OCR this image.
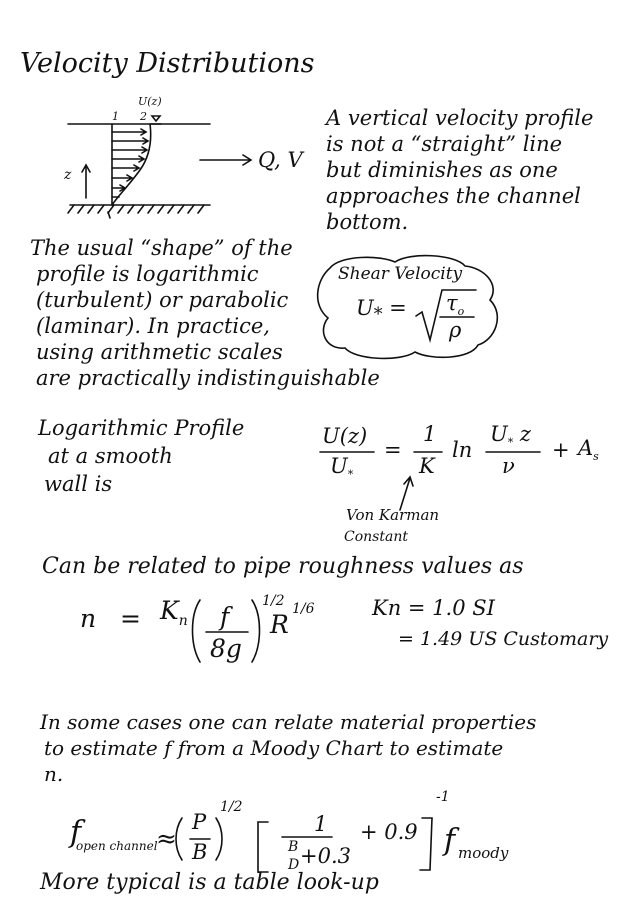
Velocity Distributions
U(z)
1 2
z
Q, V
A vertical velocity profile
is not a “straight” line
but diminishes as one
approaches the channel
bottom.
The usual “shape” of the
profile is logarithmic
(turbulent) or parabolic
(laminar). In practice,
using arithmetic scales
are practically indistinguishable
Shear Velocity
$U_* = \tau_o$
ρ
Logarithmic Profile
at a smooth
wall is
U(z)
$U_*$
=
1
K
ln
$U_*$ z
ν
+ $A_s$
Von Karman
Constant
Can be related to pipe roughness values as
$n = K_n$ f
8g
1/2
R
1/6	Kn = 1.0 SI
= 1.49 US Customary
In some cases one can relate material properties
to estimate f from a Moody Chart to estimate
n.
f
open channel
≈
P
B
1/2
1
B
D +0.3
+ 0.9
-1
f moody
More typical is a table look-up
